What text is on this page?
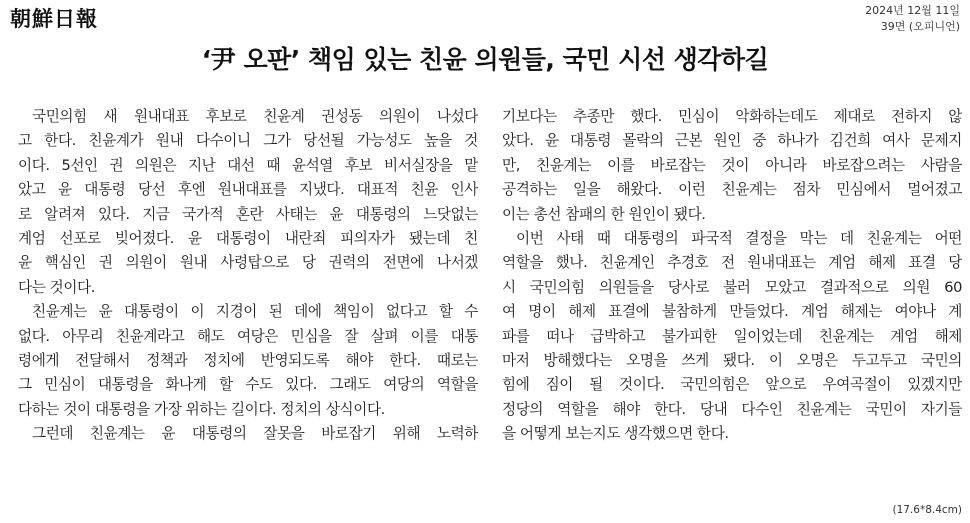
朝鮮日報	2024년 12월 11일
39면 (오피니언)
‘尹 오판’ 책임 있는 친윤 의원들, 국민 시선 생각하길
국민의힘 새 원내대표 후보로 친윤계 권성동 의원이 나섰다
고 한다. 친윤계가 원내 다수이니 그가 당선될 가능성도 높을 것
이다. 5선인 권 의원은 지난 대선 때 윤석열 후보 비서실장을 맡
았고 윤 대통령 당선 후엔 원내대표를 지냈다. 대표적 친윤 인사
로 알려져 있다. 지금 국가적 혼란 사태는 윤 대통령의 느닷없는
계엄 선포로 빚어졌다. 윤 대통령이 내란죄 피의자가 됐는데 친
윤 핵심인 권 의원이 원내 사령탑으로 당 권력의 전면에 나서겠
다는 것이다.
친윤계는 윤 대통령이 이 지경이 된 데에 책임이 없다고 할 수
없다. 아무리 친윤계라고 해도 여당은 민심을 잘 살펴 이를 대통
령에게 전달해서 정책과 정치에 반영되도록 해야 한다. 때로는
그 민심이 대통령을 화나게 할 수도 있다. 그래도 여당의 역할을
다하는 것이 대통령을 가장 위하는 길이다. 정치의 상식이다.
그런데 친윤계는 윤 대통령의 잘못을 바로잡기 위해 노력하
기보다는 추종만 했다. 민심이 악화하는데도 제대로 전하지 않
았다. 윤 대통령 몰락의 근본 원인 중 하나가 김건희 여사 문제지
만, 친윤계는 이를 바로잡는 것이 아니라 바로잡으려는 사람을
공격하는 일을 해왔다. 이런 친윤계는 점차 민심에서 멀어졌고
이는 총선 참패의 한 원인이 됐다.
이번 사태 때 대통령의 파국적 결정을 막는 데 친윤계는 어떤
역할을 했나. 친윤계인 추경호 전 원내대표는 계엄 해제 표결 당
시 국민의힘 의원들을 당사로 불러 모았고 결과적으로 의원 60
여 명이 해제 표결에 불참하게 만들었다. 계엄 해제는 여야나 계
파를 떠나 급박하고 불가피한 일이었는데 친윤계는 계엄 해제
마저 방해했다는 오명을 쓰게 됐다. 이 오명은 두고두고 국민의
힘에 짐이 될 것이다. 국민의힘은 앞으로 우여곡절이 있겠지만
정당의 역할을 해야 한다. 당내 다수인 친윤계는 국민이 자기들
을 어떻게 보는지도 생각했으면 한다.
(17.6*8.4cm)
